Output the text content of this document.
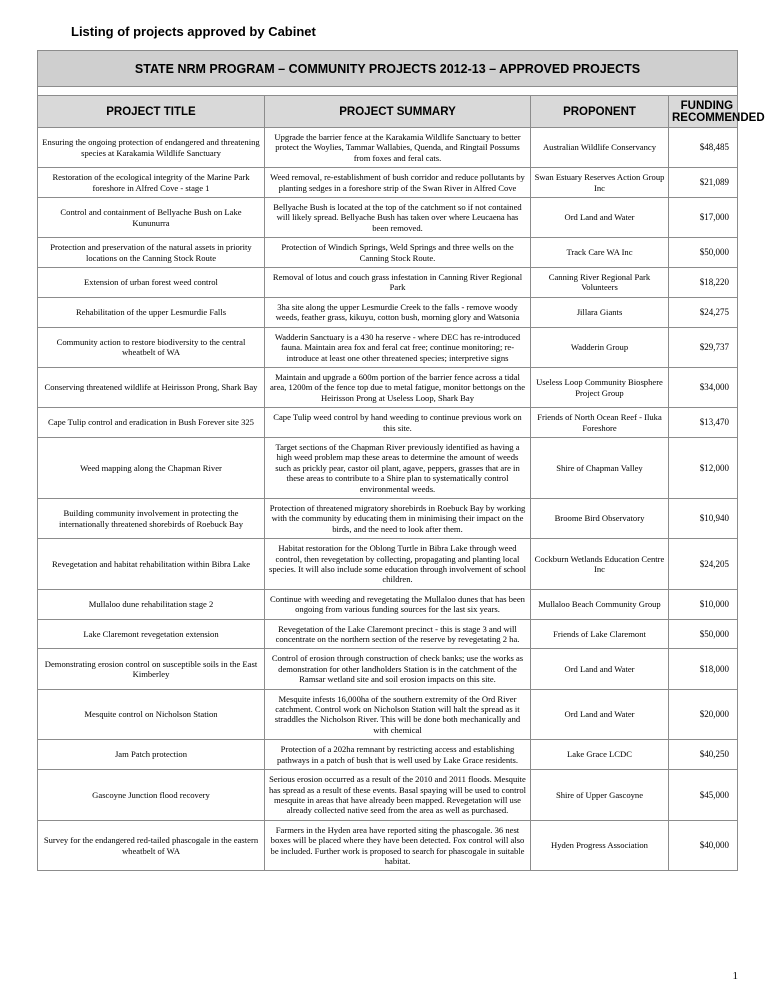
Listing of projects approved by Cabinet
STATE NRM PROGRAM – COMMUNITY PROJECTS 2012-13 – APPROVED PROJECTS			

PROJECT TITLE	PROJECT SUMMARY	PROPONENT	FUNDING
RECOMMENDED
Ensuring the ongoing protection of endangered and threatening species at Karakamia Wildlife Sanctuary	Upgrade the barrier fence at the Karakamia Wildlife Sanctuary to better protect the Woylies, Tammar Wallabies, Quenda, and Ringtail Possums from foxes and feral cats.	Australian Wildlife Conservancy	$48,485
Restoration of the ecological integrity of the Marine Park foreshore in Alfred Cove - stage 1	Weed removal, re-establishment of bush corridor and reduce pollutants by planting sedges in a foreshore strip of the Swan River in Alfred Cove	Swan Estuary Reserves Action Group Inc	$21,089
Control and containment of Bellyache Bush on Lake Kununurra	Bellyache Bush is located at the top of the catchment so if not contained will likely spread. Bellyache Bush has taken over where Leucaena has been removed.	Ord Land and Water	$17,000
Protection and preservation of the natural assets in priority locations on the Canning Stock Route	Protection of Windich Springs, Weld Springs and three wells on the Canning Stock Route.	Track Care WA Inc	$50,000
Extension of urban forest weed control	Removal of lotus and couch grass infestation in Canning River Regional Park	Canning River Regional Park Volunteers	$18,220
Rehabilitation of the upper Lesmurdie Falls	3ha site along the upper Lesmurdie Creek to the falls - remove woody weeds, feather grass, kikuyu, cotton bush, morning glory and Watsonia	Jillara Giants	$24,275
Community action to restore biodiversity to the central wheatbelt of WA	Wadderin Sanctuary is a 430 ha reserve - where DEC has re-introduced fauna. Maintain area fox and feral cat free; continue monitoring; re-introduce at least one other threatened species; interpretive signs	Wadderin Group	$29,737
Conserving threatened wildlife at Heirisson Prong, Shark Bay	Maintain and upgrade a 600m portion of the barrier fence across a tidal area, 1200m of the fence top due to metal fatigue, monitor bettongs on the Heirisson Prong at Useless Loop, Shark Bay	Useless Loop Community Biosphere Project Group	$34,000
Cape Tulip control and eradication in Bush Forever site 325	Cape Tulip weed control by hand weeding to continue previous work on this site.	Friends of North Ocean Reef - Iluka Foreshore	$13,470
Weed mapping along the Chapman River	Target sections of the Chapman River previously identified as having a high weed problem map these areas to determine the amount of weeds such as prickly pear, castor oil plant, agave, peppers, grasses that are in these areas to contribute to a Shire plan to systematically control environmental weeds.	Shire of Chapman Valley	$12,000
Building community involvement in protecting the internationally threatened shorebirds of Roebuck Bay	Protection of threatened migratory shorebirds in Roebuck Bay by working with the community by educating them in minimising their impact on the birds, and the need to look after them.	Broome Bird Observatory	$10,940
Revegetation and habitat rehabilitation within Bibra Lake	Habitat restoration for the Oblong Turtle in Bibra Lake through weed control, then revegetation by collecting, propagating and planting local species. It will also include some education through involvement of school children.	Cockburn Wetlands Education Centre Inc	$24,205
Mullaloo dune rehabilitation stage 2	Continue with weeding and revegetating the Mullaloo dunes that has been ongoing from various funding sources for the last six years.	Mullaloo Beach Community Group	$10,000
Lake Claremont revegetation extension	Revegetation of the Lake Claremont precinct - this is stage 3 and will concentrate on the northern section of the reserve by revegetating 2 ha.	Friends of Lake Claremont	$50,000
Demonstrating erosion control on susceptible soils in the East Kimberley	Control of erosion through construction of check banks; use the works as demonstration for other landholders Station is in the catchment of the Ramsar wetland site and soil erosion impacts on this site.	Ord Land and Water	$18,000
Mesquite control on Nicholson Station	Mesquite infests 16,000ha of the southern extremity of the Ord River catchment. Control work on Nicholson Station will halt the spread as it straddles the Nicholson River. This will be done both mechanically and with chemical	Ord Land and Water	$20,000
Jam Patch protection	Protection of a 202ha remnant by restricting access and establishing pathways in a patch of bush that is well used by Lake Grace residents.	Lake Grace LCDC	$40,250
Gascoyne Junction flood recovery	Serious erosion occurred as a result of the 2010 and 2011 floods. Mesquite has spread as a result of these events. Basal spaying will be used to control mesquite in areas that have already been mapped. Revegetation will use already collected native seed from the area as well as purchased.	Shire of Upper Gascoyne	$45,000
Survey for the endangered red-tailed phascogale in the eastern wheatbelt of WA	Farmers in the Hyden area have reported siting the phascogale. 36 nest boxes will be placed where they have been detected. Fox control will also be included. Further work is proposed to search for phascogale in suitable habitat.	Hyden Progress Association	$40,000
1
